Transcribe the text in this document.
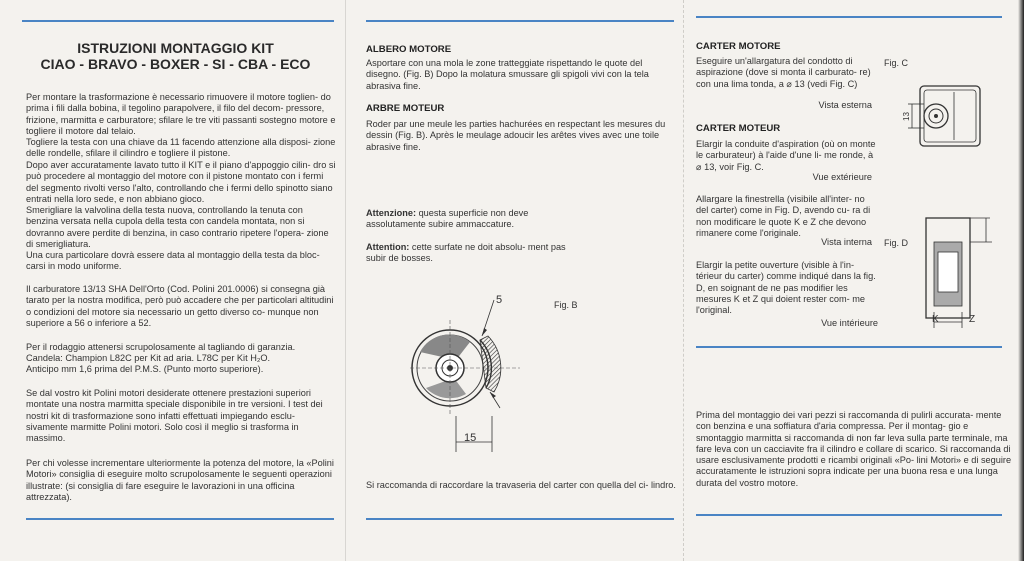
ISTRUZIONI MONTAGGIO KIT
CIAO - BRAVO - BOXER - SI - CBA - ECO
Per montare la trasformazione è necessario rimuovere il motore toglien- do prima i fili dalla bobina, il tegolino parapolvere, il filo del decom- pressore, frizione, marmitta e carburatore; sfilare le tre viti passanti sostegno motore e togliere il motore dal telaio.
Togliere la testa con una chiave da 11 facendo attenzione alla disposi- zione delle rondelle, sfilare il cilindro e togliere il pistone.
Dopo aver accuratamente lavato tutto il KIT e il piano d'appoggio cilin- dro si può procedere al montaggio del motore con il pistone montato con i fermi del segmento rivolti verso l'alto, controllando che i fermi dello spinotto siano entrati nella loro sede, e non abbiano gioco.
Smerigliare la valvolina della testa nuova, controllando la tenuta con benzina versata nella cupola della testa con candela montata, non si dovranno avere perdite di benzina, in caso contrario ripetere l'opera- zione di smerigliatura.
Una cura particolare dovrà essere data al montaggio della testa da bloc- carsi in modo uniforme.
Il carburatore 13/13 SHA Dell'Orto (Cod. Polini 201.0006) si consegna già tarato per la nostra modifica, però può accadere che per particolari altitudini o condizioni del motore sia necessario un getto diverso co- munque non superiore a 56 o inferiore a 52.
Per il rodaggio attenersi scrupolosamente al tagliando di garanzia.
Candela: Champion L82C per Kit ad aria. L78C per Kit H₂O.
Anticipo mm 1,6 prima del P.M.S. (Punto morto superiore).
Se dal vostro kit Polini motori desiderate ottenere prestazioni superiori montate una nostra marmitta speciale disponibile in tre versioni. I test dei nostri kit di trasformazione sono infatti effettuati impiegando esclu- sivamente marmitte Polini motori. Solo così il meglio si trasforma in massimo.
Per chi volesse incrementare ulteriormente la potenza del motore, la «Polini Motori» consiglia di eseguire molto scrupolosamente le seguenti operazioni illustrate: (si consiglia di fare eseguire le lavorazioni in una officina attrezzata).
ALBERO MOTORE
Asportare con una mola le zone tratteggiate rispettando le quote del disegno. (Fig. B) Dopo la molatura smussare gli spigoli vivi con la tela abrasiva fine.
ARBRE MOTEUR
Roder par une meule les parties hachurées en respectant les mesures du dessin (Fig. B). Après le meulage adoucir les arêtes vives avec une toile abrasive fine.
Attenzione: questa superficie non deve assolutamente subire ammaccature.
Attention: cette surfate ne doit absolu- ment pas subir de bosses.
Fig. B
5
15
Si raccomanda di raccordare la travaseria del carter con quella del ci- lindro.
CARTER MOTORE
Eseguire un'allargatura del condotto di aspirazione (dove si monta il carburato- re) con una lima tonda, a ⌀ 13 (vedi Fig. C)
Fig. C
Vista esterna
CARTER MOTEUR
Elargir la conduite d'aspiration (où on monte le carburateur) à l'aide d'une li- me ronde, à ⌀ 13, voir Fig. C.
Vue extérieure
13
Allargare la finestrella (visibile all'inter- no del carter) come in Fig. D, avendo cu- ra di non modificare le quote K e Z che devono rimanere come l'originale.
Vista interna Fig. D
Elargir la petite ouverture (visible à l'in- térieur du carter) comme indiqué dans la fig. D, en soignant de ne pas modifier les mesures K et Z qui doient rester com- me l'original.
Vue intérieure	K	Z
Prima del montaggio dei vari pezzi si raccomanda di pulirli accurata- mente con benzina e una soffiatura d'aria compressa. Per il montag- gio e smontaggio marmitta si raccomanda di non far leva sulla parte terminale, ma fare leva con un cacciavite fra il cilindro e collare di scarico. Si raccomanda di usare esclusivamente prodotti e ricambi originali «Po- lini Motori» e di seguire accuratamente le istruzioni sopra indicate per una buona resa e una lunga durata del vostro motore.
